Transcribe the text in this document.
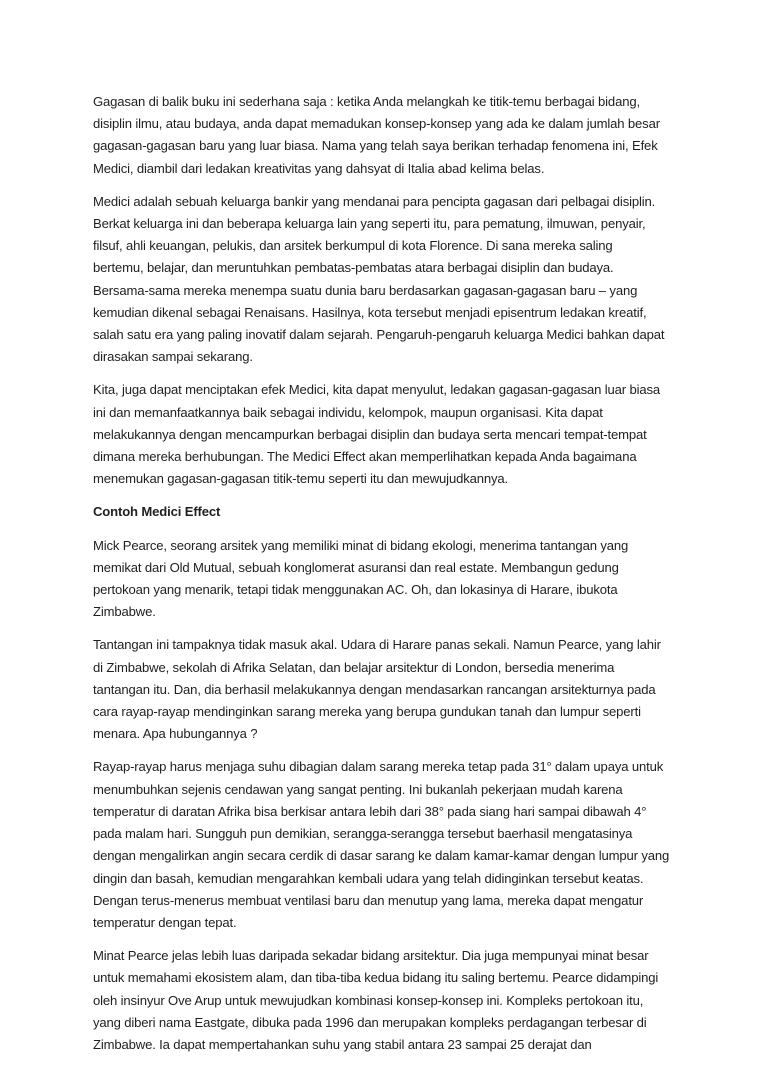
Gagasan di balik buku ini sederhana saja : ketika Anda melangkah ke titik-temu berbagai bidang,
disiplin ilmu, atau budaya, anda dapat memadukan konsep-konsep yang ada ke dalam jumlah besar
gagasan-gagasan baru yang luar biasa. Nama yang telah saya berikan terhadap fenomena ini, Efek
Medici, diambil dari ledakan kreativitas yang dahsyat di Italia abad kelima belas.

Medici adalah sebuah keluarga bankir yang mendanai para pencipta gagasan dari pelbagai disiplin.
Berkat keluarga ini dan beberapa keluarga lain yang seperti itu, para pematung, ilmuwan, penyair,
filsuf, ahli keuangan, pelukis, dan arsitek berkumpul di kota Florence. Di sana mereka saling
bertemu, belajar, dan meruntuhkan pembatas-pembatas atara berbagai disiplin dan budaya.
Bersama-sama mereka menempa suatu dunia baru berdasarkan gagasan-gagasan baru – yang
kemudian dikenal sebagai Renaisans. Hasilnya, kota tersebut menjadi episentrum ledakan kreatif,
salah satu era yang paling inovatif dalam sejarah. Pengaruh-pengaruh keluarga Medici bahkan dapat
dirasakan sampai sekarang.

Kita, juga dapat menciptakan efek Medici, kita dapat menyulut, ledakan gagasan-gagasan luar biasa
ini dan memanfaatkannya baik sebagai individu, kelompok, maupun organisasi. Kita dapat
melakukannya dengan mencampurkan berbagai disiplin dan budaya serta mencari tempat-tempat
dimana mereka berhubungan. The Medici Effect akan memperlihatkan kepada Anda bagaimana
menemukan gagasan-gagasan titik-temu seperti itu dan mewujudkannya.

Contoh Medici Effect

Mick Pearce, seorang arsitek yang memiliki minat di bidang ekologi, menerima tantangan yang
memikat dari Old Mutual, sebuah konglomerat asuransi dan real estate. Membangun gedung
pertokoan yang menarik, tetapi tidak menggunakan AC. Oh, dan lokasinya di Harare, ibukota
Zimbabwe.

Tantangan ini tampaknya tidak masuk akal. Udara di Harare panas sekali. Namun Pearce, yang lahir
di Zimbabwe, sekolah di Afrika Selatan, dan belajar arsitektur di London, bersedia menerima
tantangan itu. Dan, dia berhasil melakukannya dengan mendasarkan rancangan arsitekturnya pada
cara rayap-rayap mendinginkan sarang mereka yang berupa gundukan tanah dan lumpur seperti
menara. Apa hubungannya ?

Rayap-rayap harus menjaga suhu dibagian dalam sarang mereka tetap pada 31° dalam upaya untuk
menumbuhkan sejenis cendawan yang sangat penting. Ini bukanlah pekerjaan mudah karena
temperatur di daratan Afrika bisa berkisar antara lebih dari 38° pada siang hari sampai dibawah 4°
pada malam hari. Sungguh pun demikian, serangga-serangga tersebut baerhasil mengatasinya
dengan mengalirkan angin secara cerdik di dasar sarang ke dalam kamar-kamar dengan lumpur yang
dingin dan basah, kemudian mengarahkan kembali udara yang telah didinginkan tersebut keatas.
Dengan terus-menerus membuat ventilasi baru dan menutup yang lama, mereka dapat mengatur
temperatur dengan tepat.

Minat Pearce jelas lebih luas daripada sekadar bidang arsitektur. Dia juga mempunyai minat besar
untuk memahami ekosistem alam, dan tiba-tiba kedua bidang itu saling bertemu. Pearce didampingi
oleh insinyur Ove Arup untuk mewujudkan kombinasi konsep-konsep ini. Kompleks pertokoan itu,
yang diberi nama Eastgate, dibuka pada 1996 dan merupakan kompleks perdagangan terbesar di
Zimbabwe. Ia dapat mempertahankan suhu yang stabil antara 23 sampai 25 derajat dan
